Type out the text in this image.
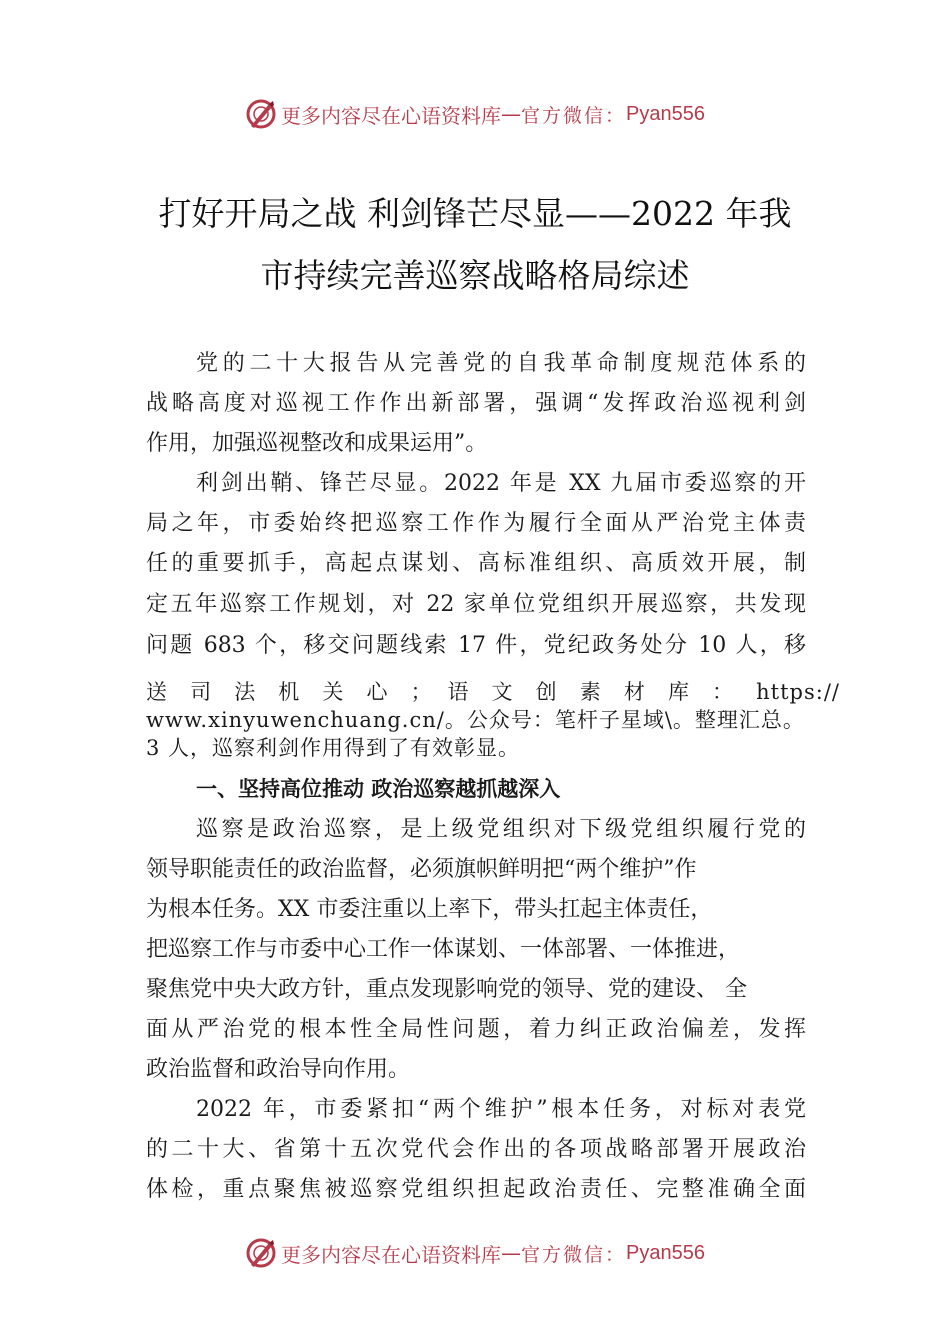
更多内容尽在心语资料库 — 官方微信： Pyan556
打好开局之战 利剑锋芒尽显——2022 年我
市持续完善巡察战略格局综述
党的二十大报告从完善党的自我革命制度规范体系的
战略高度对巡视工作作出新部署，强调“发挥政治巡视利剑
作用，加强巡视整改和成果运用”。
利剑出鞘、锋芒尽显。2022 年是 XX 九届市委巡察的开
局之年，市委始终把巡察工作作为履行全面从严治党主体责
任的重要抓手，高起点谋划、高标准组织、高质效开展，制
定五年巡察工作规划，对 22 家单位党组织开展巡察，共发现
问题 683 个，移交问题线索 17 件，党纪政务处分 10 人，移
送 司 法 机 关 心 ； 语 文 创 素 材 库 ： https://
www.xinyuwenchuang.cn/。公众号：笔杆子星域\。整理汇总。
3 人，巡察利剑作用得到了有效彰显。
一、坚持高位推动 政治巡察越抓越深入
巡察是政治巡察，是上级党组织对下级党组织履行党的
领导职能责任的政治监督，必须旗帜鲜明把“两个维护”作
为根本任务。XX 市委注重以上率下，带头扛起主体责任，
把巡察工作与市委中心工作一体谋划、一体部署、一体推进，
聚焦党中央大政方针，重点发现影响党的领导、党的建设、 全
面从严治党的根本性全局性问题，着力纠正政治偏差，发挥
政治监督和政治导向作用。
2022 年，市委紧扣“两个维护”根本任务，对标对表党
的二十大、省第十五次党代会作出的各项战略部署开展政治
体检，重点聚焦被巡察党组织担起政治责任、完整准确全面
更多内容尽在心语资料库 — 官方微信： Pyan556
